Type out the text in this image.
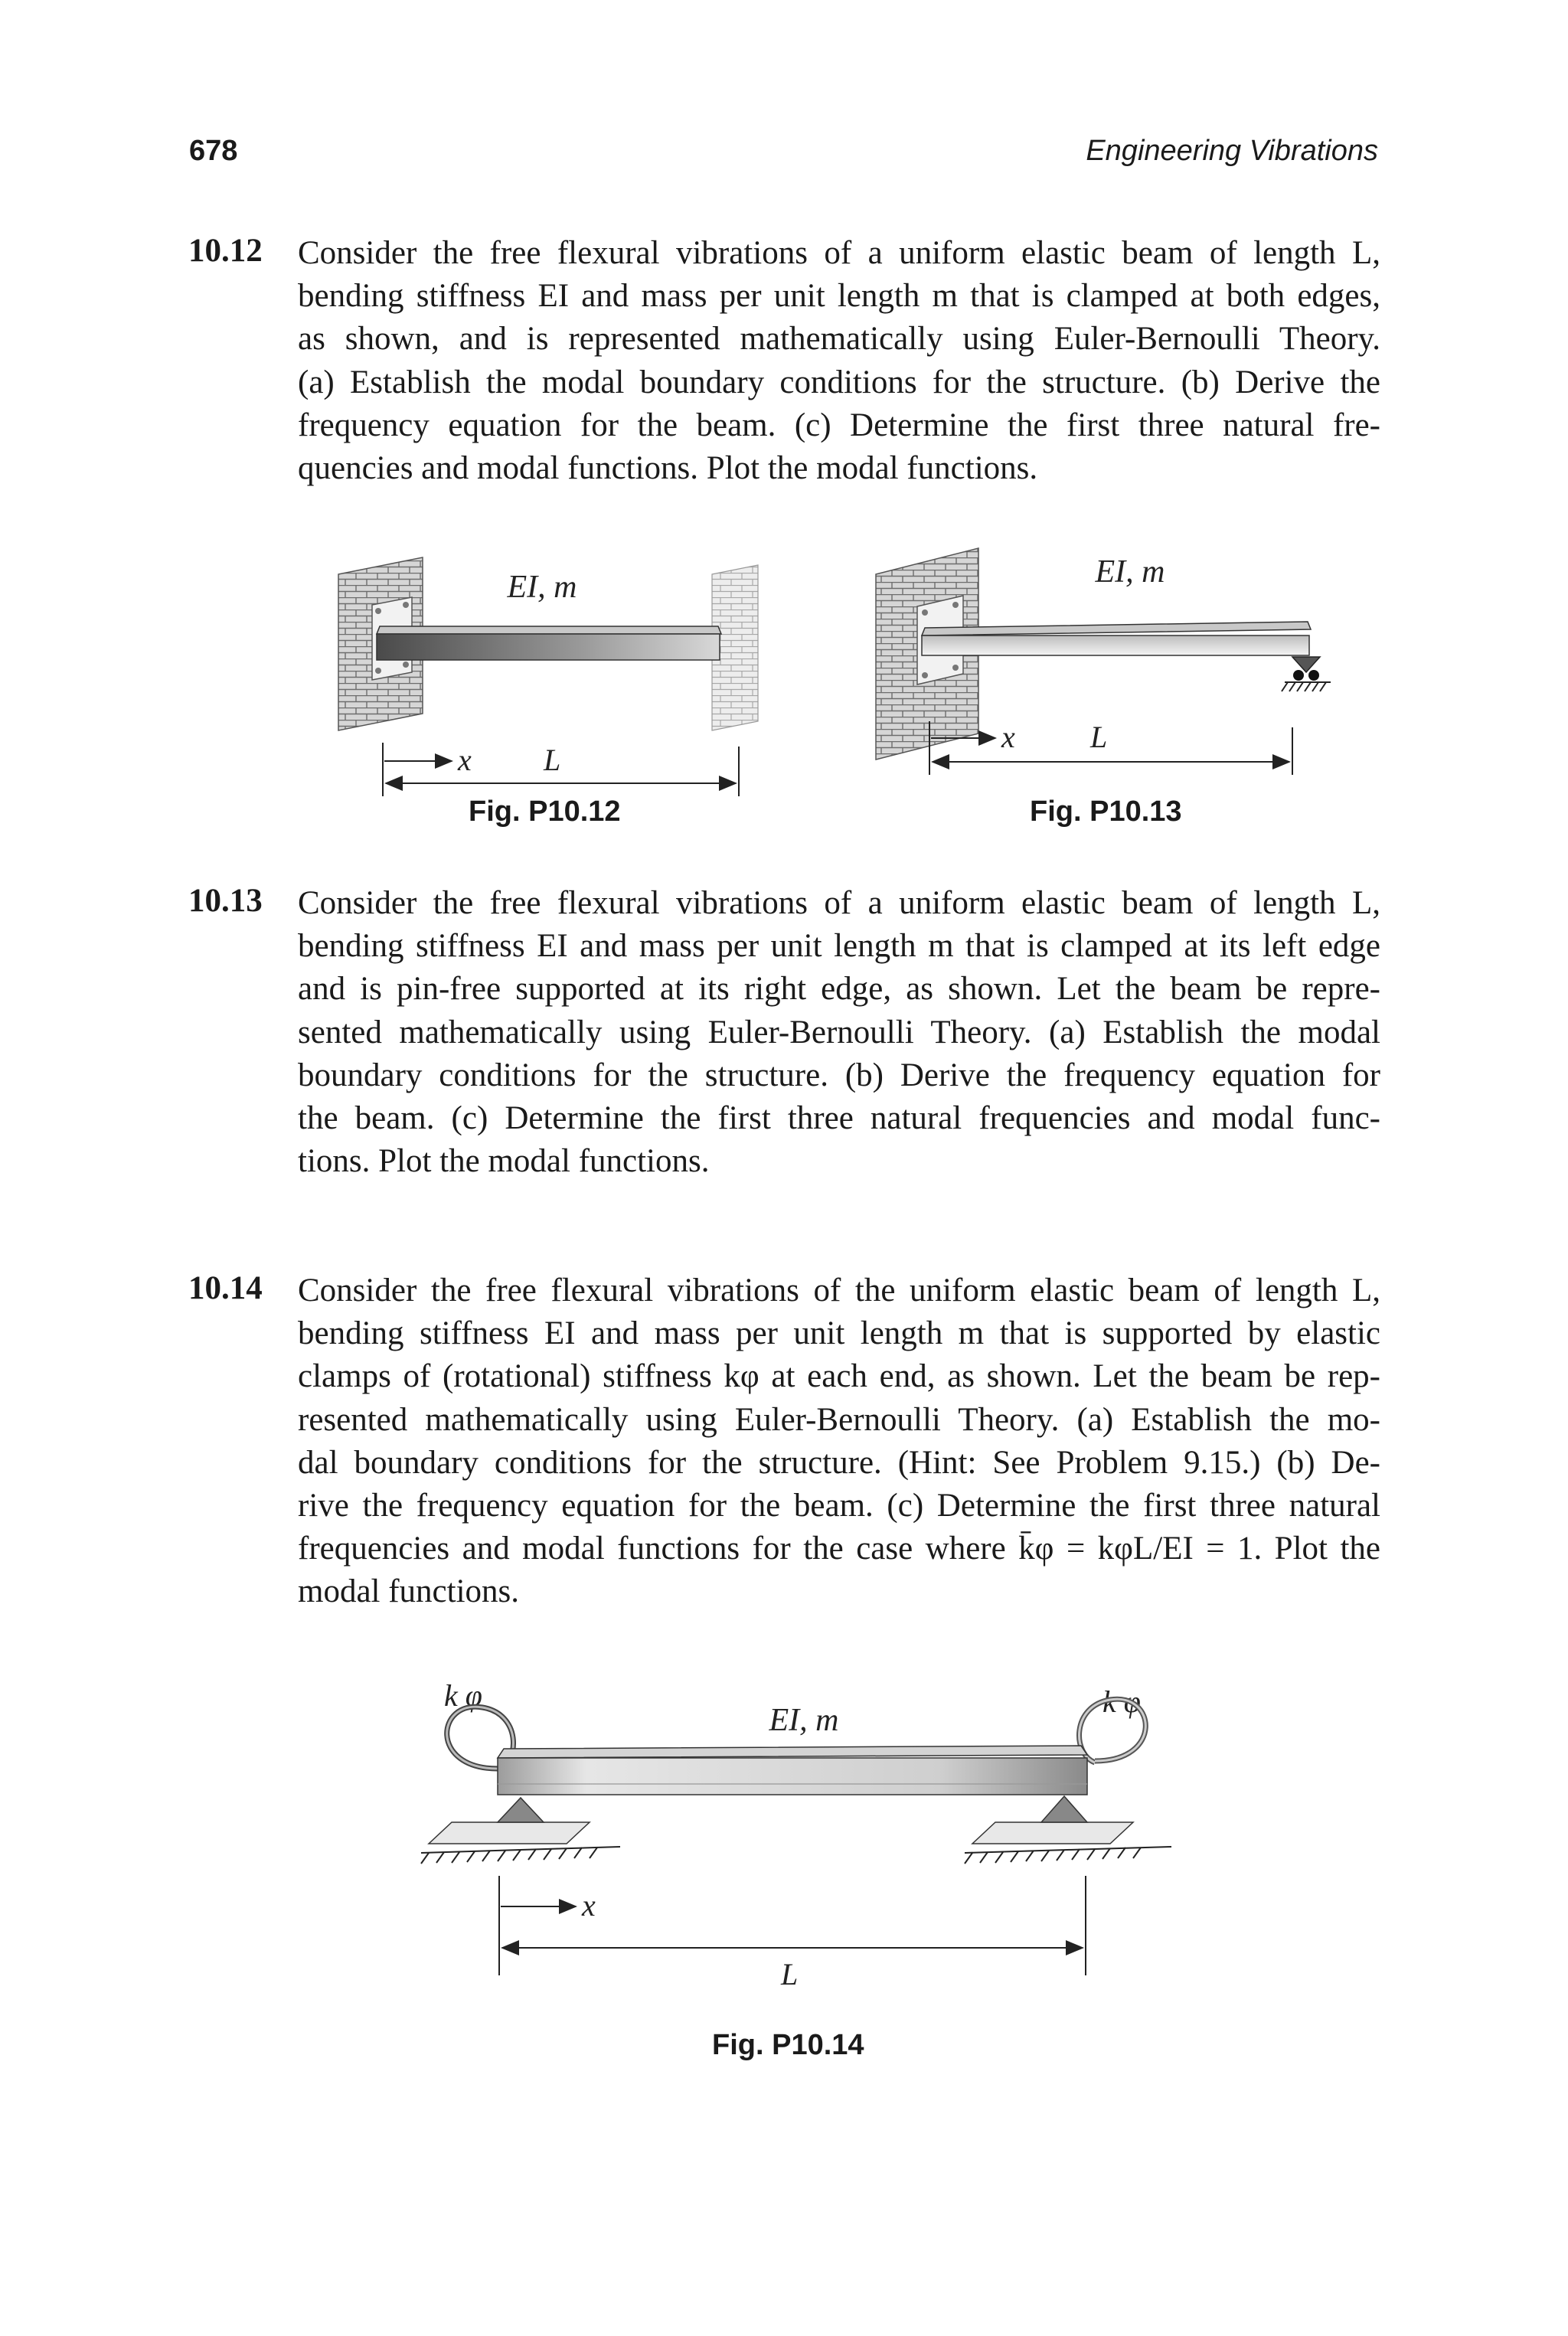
678	Engineering Vibrations
10.12 Consider the free flexural vibrations of a uniform elastic beam of length L,
bending stiffness EI and mass per unit length m that is clamped at both edges,
as shown, and is represented mathematically using Euler-Bernoulli Theory.
(a) Establish the modal boundary conditions for the structure. (b) Derive the
frequency equation for the beam. (c) Determine the first three natural fre-
quencies and modal functions. Plot the modal functions.
EI, m
x L
Fig. P10.12
EI, m
x L
Fig. P10.13
10.13 Consider the free flexural vibrations of a uniform elastic beam of length L,
bending stiffness EI and mass per unit length m that is clamped at its left edge
and is pin-free supported at its right edge, as shown. Let the beam be repre-
sented mathematically using Euler-Bernoulli Theory. (a) Establish the modal
boundary conditions for the structure. (b) Derive the frequency equation for
the beam. (c) Determine the first three natural frequencies and modal func-
tions. Plot the modal functions.
10.14 Consider the free flexural vibrations of the uniform elastic beam of length L,
bending stiffness EI and mass per unit length m that is supported by elastic
clamps of (rotational) stiffness kφ at each end, as shown. Let the beam be rep-
resented mathematically using Euler-Bernoulli Theory. (a) Establish the mo-
dal boundary conditions for the structure. (Hint: See Problem 9.15.) (b) De-
rive the frequency equation for the beam. (c) Determine the first three natural
frequencies and modal functions for the case where k̄φ = kφL/EI = 1. Plot the
modal functions.
k φ	k φ
EI, m
x
L
Fig. P10.14
